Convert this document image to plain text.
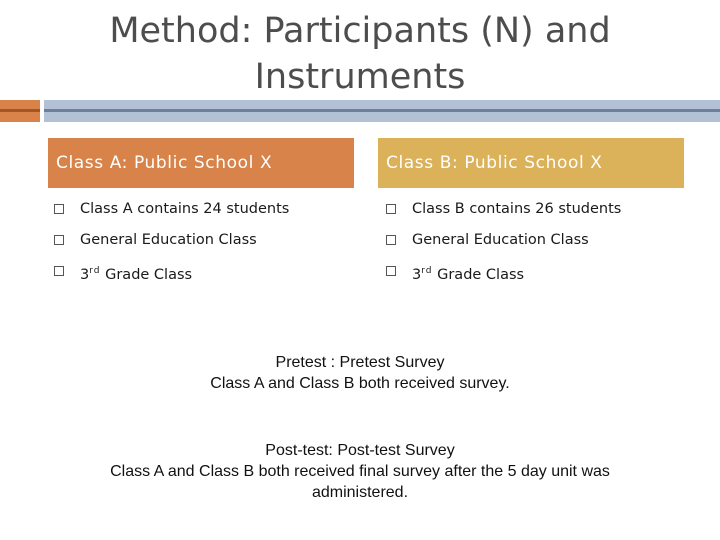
Method: Participants (N) and Instruments
Class A: Public School X	Class B: Public School X
Class A contains 24 students
General Education Class
3rd Grade Class
Class B contains 26 students
General Education Class
3rd Grade Class
Pretest : Pretest Survey
Class A and Class B both received survey.
Post-test: Post-test Survey
Class A and Class B both received final survey after the 5 day unit was
administered.
